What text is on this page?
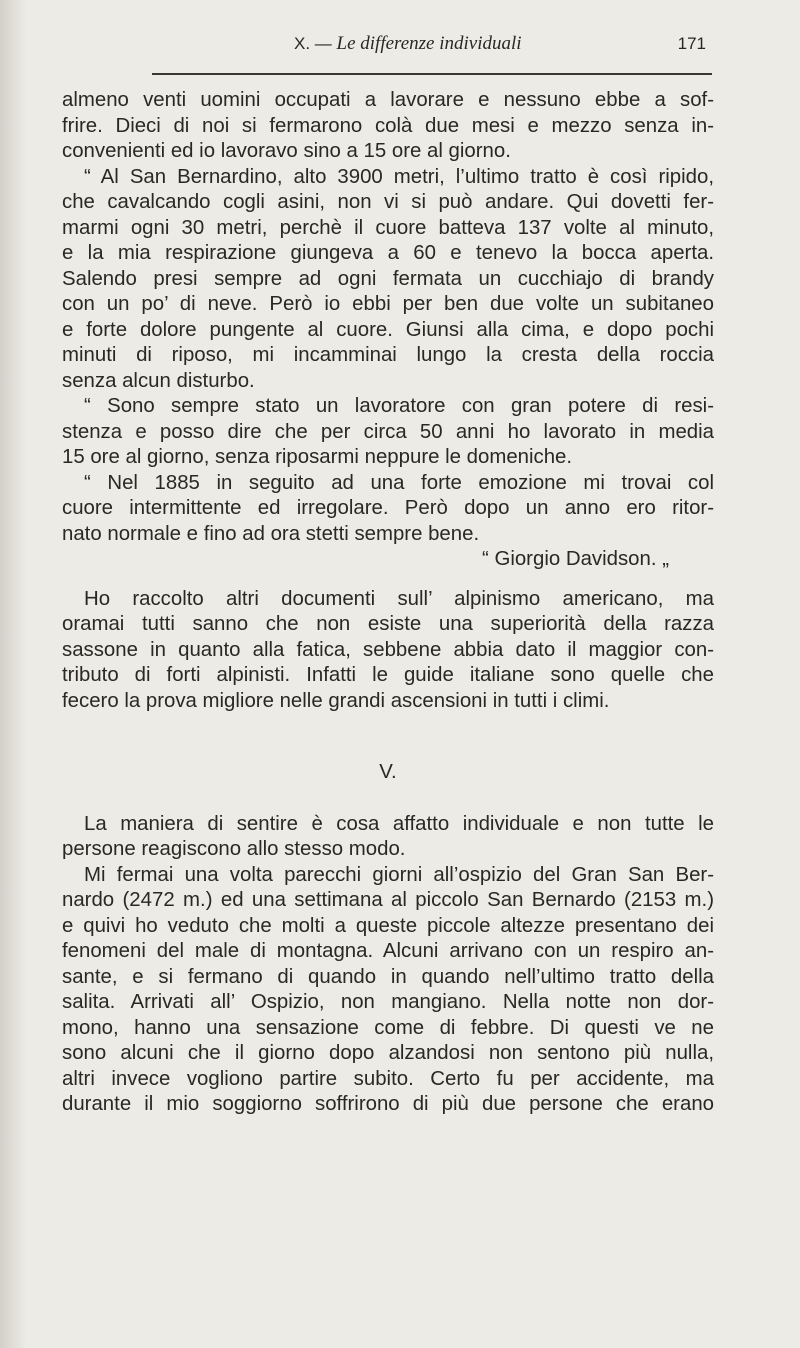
X. — Le differenze individuali	171
almeno venti uomini occupati a lavorare e nessuno ebbe a sof-
frire. Dieci di noi si fermarono colà due mesi e mezzo senza in-
convenienti ed io lavoravo sino a 15 ore al giorno.
“ Al San Bernardino, alto 3900 metri, l’ultimo tratto è così ripido,
che cavalcando cogli asini, non vi si può andare. Qui dovetti fer-
marmi ogni 30 metri, perchè il cuore batteva 137 volte al minuto,
e la mia respirazione giungeva a 60 e tenevo la bocca aperta.
Salendo presi sempre ad ogni fermata un cucchiajo di brandy
con un po’ di neve. Però io ebbi per ben due volte un subitaneo
e forte dolore pungente al cuore. Giunsi alla cima, e dopo pochi
minuti di riposo, mi incamminai lungo la cresta della roccia
senza alcun disturbo.
“ Sono sempre stato un lavoratore con gran potere di resi-
stenza e posso dire che per circa 50 anni ho lavorato in media
15 ore al giorno, senza riposarmi neppure le domeniche.
“ Nel 1885 in seguito ad una forte emozione mi trovai col
cuore intermittente ed irregolare. Però dopo un anno ero ritor-
nato normale e fino ad ora stetti sempre bene.
“ Giorgio Davidson. „
Ho raccolto altri documenti sull’ alpinismo americano, ma
oramai tutti sanno che non esiste una superiorità della razza
sassone in quanto alla fatica, sebbene abbia dato il maggior con-
tributo di forti alpinisti. Infatti le guide italiane sono quelle che
fecero la prova migliore nelle grandi ascensioni in tutti i climi.
V.
La maniera di sentire è cosa affatto individuale e non tutte le
persone reagiscono allo stesso modo.
Mi fermai una volta parecchi giorni all’ospizio del Gran San Ber-
nardo (2472 m.) ed una settimana al piccolo San Bernardo (2153 m.)
e quivi ho veduto che molti a queste piccole altezze presentano dei
fenomeni del male di montagna. Alcuni arrivano con un respiro an-
sante, e si fermano di quando in quando nell’ultimo tratto della
salita. Arrivati all’ Ospizio, non mangiano. Nella notte non dor-
mono, hanno una sensazione come di febbre. Di questi ve ne
sono alcuni che il giorno dopo alzandosi non sentono più nulla,
altri invece vogliono partire subito. Certo fu per accidente, ma
durante il mio soggiorno soffrirono di più due persone che erano
